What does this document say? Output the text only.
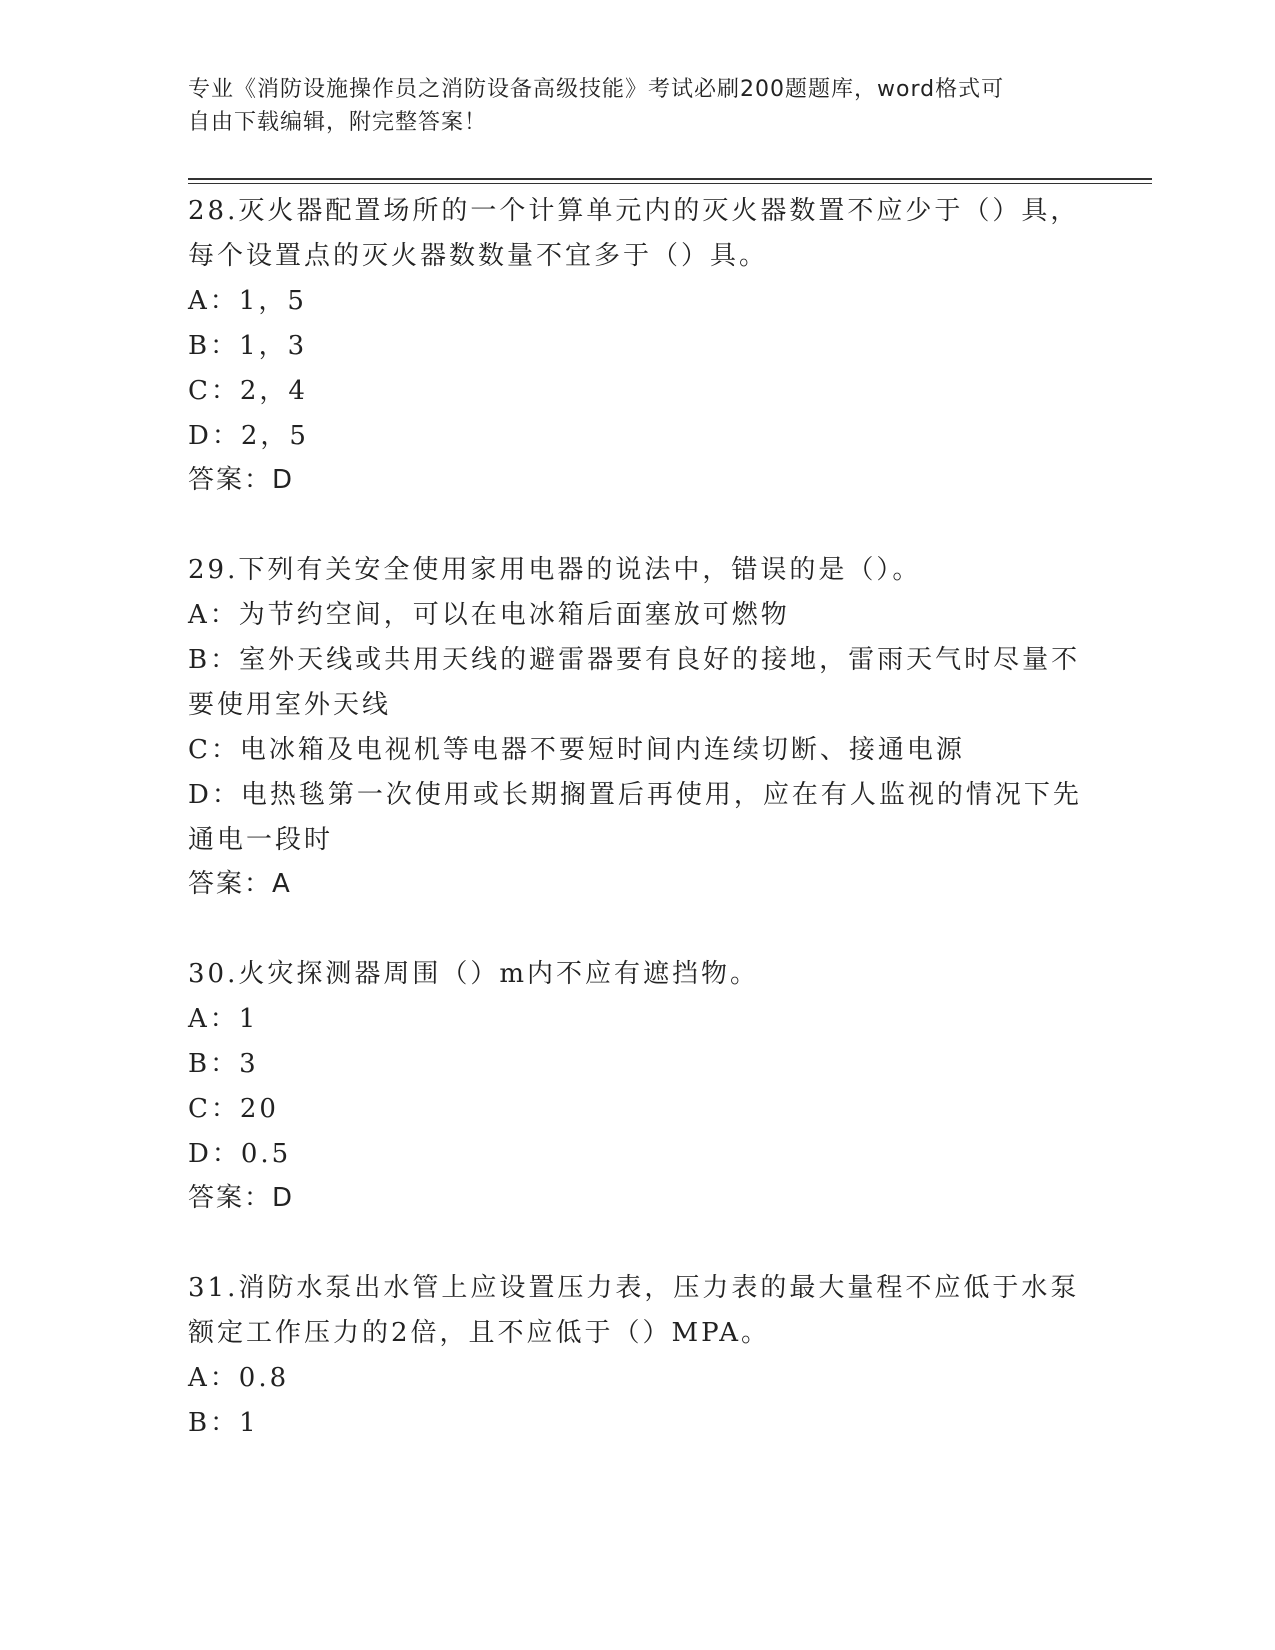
专业《消防设施操作员之消防设备高级技能》考试必刷200题题库，word格式可
自由下载编辑，附完整答案！
28.灭火器配置场所的一个计算单元内的灭火器数置不应少于（）具，
每个设置点的灭火器数数量不宜多于（）具。
A：1，5
B：1，3
C：2，4
D：2，5
答案：D
29.下列有关安全使用家用电器的说法中，错误的是（）。
A：为节约空间，可以在电冰箱后面塞放可燃物
B：室外天线或共用天线的避雷器要有良好的接地，雷雨天气时尽量不
要使用室外天线
C：电冰箱及电视机等电器不要短时间内连续切断、接通电源
D：电热毯第一次使用或长期搁置后再使用，应在有人监视的情况下先
通电一段时
答案：A
30.火灾探测器周围（）m内不应有遮挡物。
A：1
B：3
C：20
D：0.5
答案：D
31.消防水泵出水管上应设置压力表，压力表的最大量程不应低于水泵
额定工作压力的2倍，且不应低于（）MPA。
A：0.8
B：1
